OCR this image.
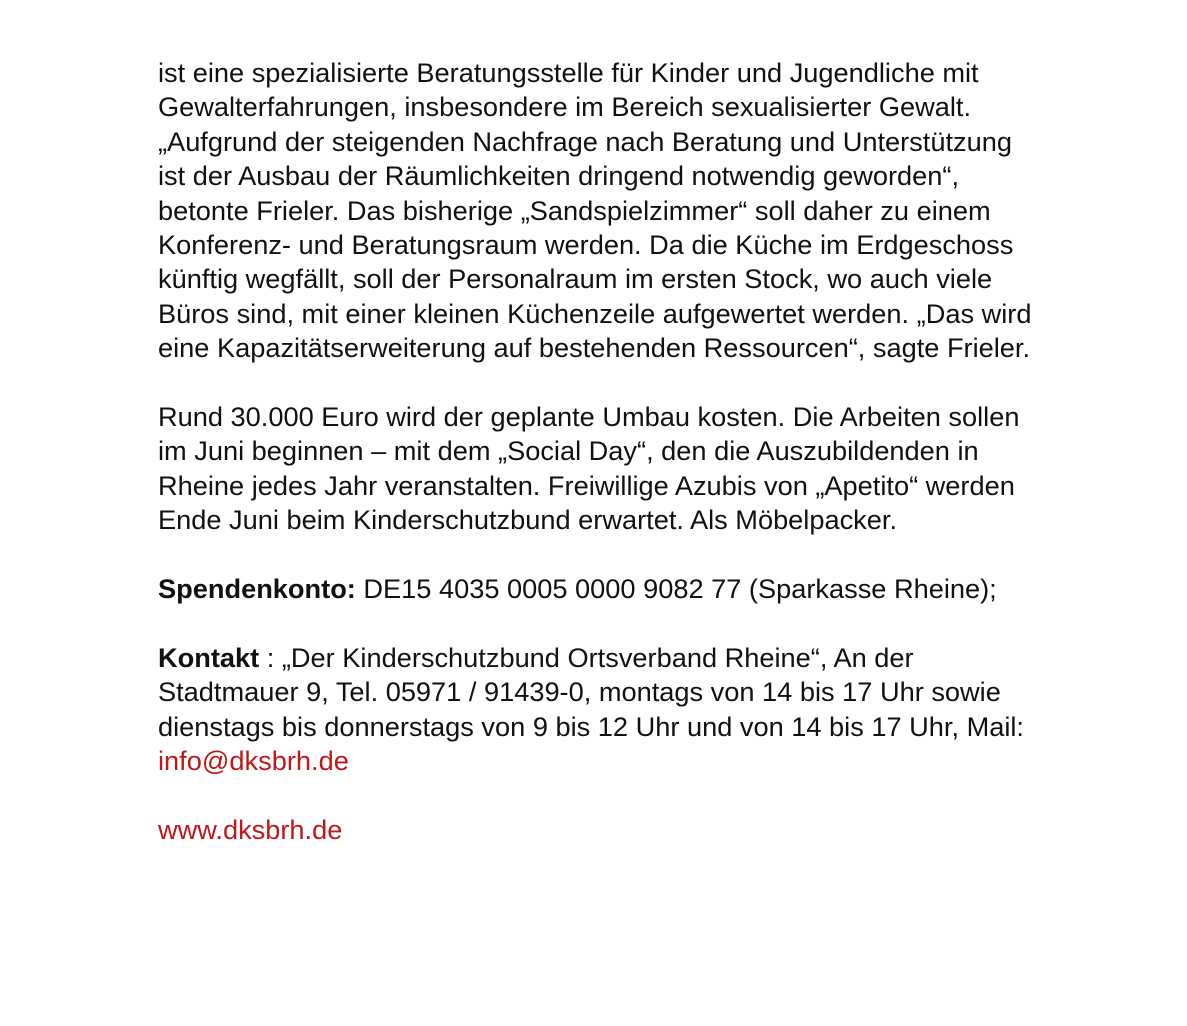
ist eine spezialisierte Beratungsstelle für Kinder und Jugendliche mit Gewalterfahrungen, insbesondere im Bereich sexualisierter Gewalt. „Aufgrund der steigenden Nachfrage nach Beratung und Unterstützung ist der Ausbau der Räumlichkeiten dringend notwendig geworden“, betonte Frieler. Das bisherige „Sandspielzimmer“ soll daher zu einem Konferenz- und Beratungsraum werden. Da die Küche im Erdgeschoss künftig wegfällt, soll der Personalraum im ersten Stock, wo auch viele Büros sind, mit einer kleinen Küchenzeile aufgewertet werden. „Das wird eine Kapazitätserweiterung auf bestehenden Ressourcen“, sagte Frieler.

Rund 30.000 Euro wird der geplante Umbau kosten. Die Arbeiten sollen im Juni beginnen – mit dem „Social Day“, den die Auszubildenden in Rheine jedes Jahr veranstalten. Freiwillige Azubis von „Apetito“ werden Ende Juni beim Kinderschutzbund erwartet. Als Möbelpacker.

Spendenkonto: DE15 4035 0005 0000 9082 77 (Sparkasse Rheine);

Kontakt : „Der Kinderschutzbund Ortsverband Rheine“, An der Stadtmauer 9, Tel. 05971 / 91439-0, montags von 14 bis 17 Uhr sowie dienstags bis donnerstags von 9 bis 12 Uhr und von 14 bis 17 Uhr, Mail: info@dksbrh.de

www.dksbrh.de
